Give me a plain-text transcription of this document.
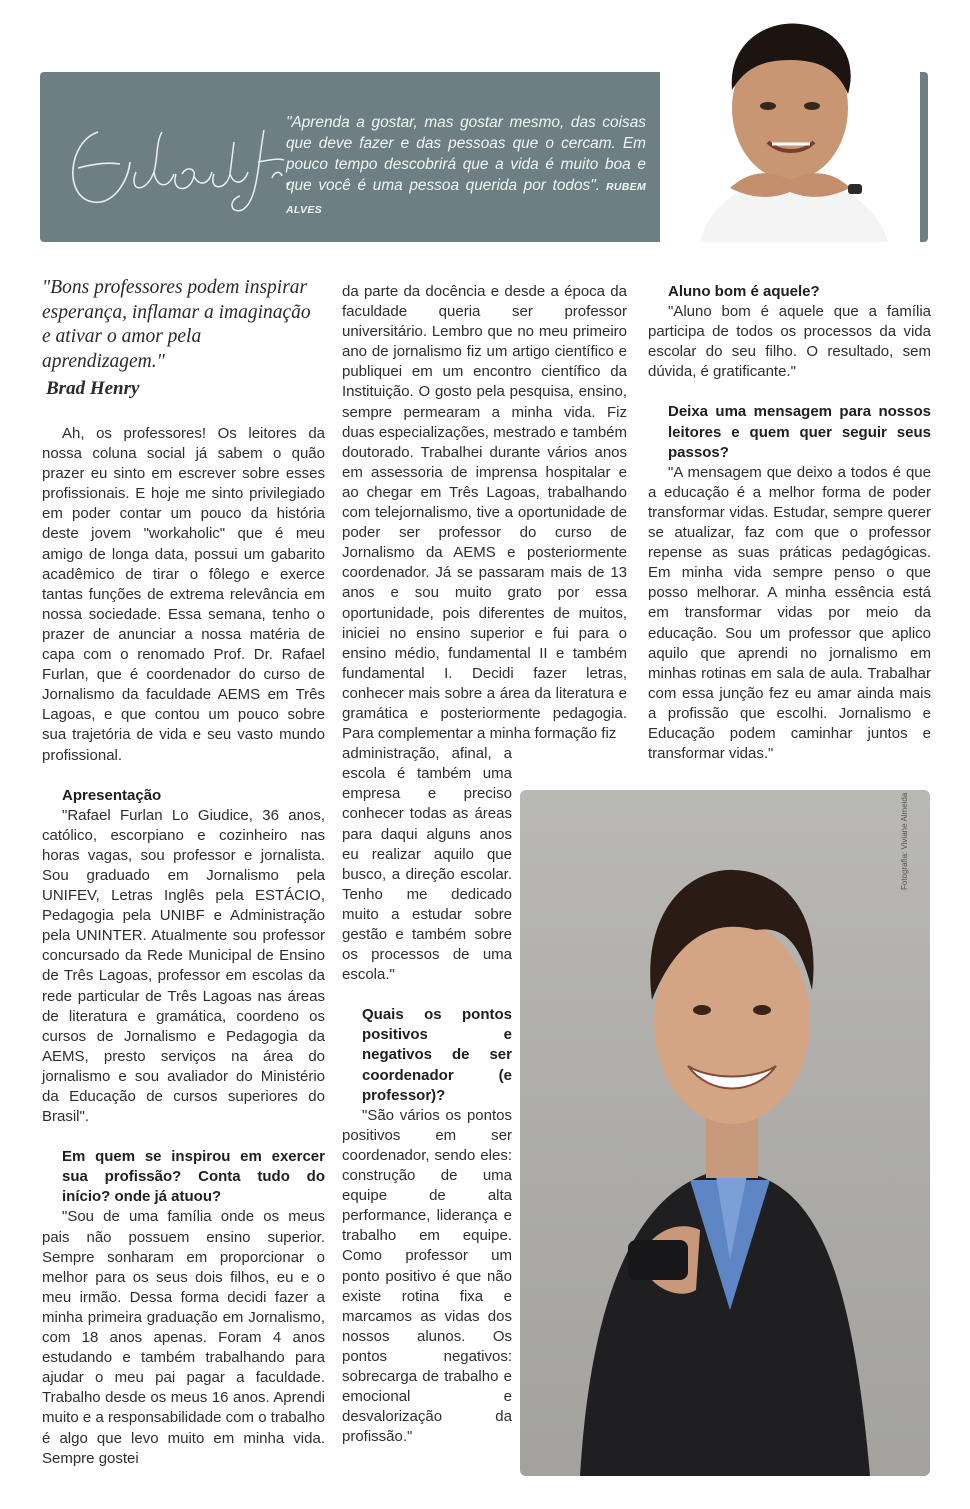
"Aprenda a gostar, mas gostar mesmo, das coisas que deve fazer e das pessoas que o cercam. Em pouco tempo descobrirá que a vida é muito boa e que você é uma pessoa querida por todos". RUBEM ALVES
"Bons professores podem inspirar esperança, inflamar a imaginação e ativar o amor pela aprendizagem."
Brad Henry

Ah, os professores! Os leitores da nossa coluna social já sabem o quão prazer eu sinto em escrever sobre esses profissionais. E hoje me sinto privilegiado em poder contar um pouco da história deste jovem "workaholic" que é meu amigo de longa data, possui um gabarito acadêmico de tirar o fôlego e exerce tantas funções de extrema relevância em nossa sociedade. Essa semana, tenho o prazer de anunciar a nossa matéria de capa com o renomado Prof. Dr. Rafael Furlan, que é coordenador do curso de Jornalismo da faculdade AEMS em Três Lagoas, e que contou um pouco sobre sua trajetória de vida e seu vasto mundo profissional.

Apresentação

"Rafael Furlan Lo Giudice, 36 anos, católico, escorpiano e cozinheiro nas horas vagas, sou professor e jornalista. Sou graduado em Jornalismo pela UNIFEV, Letras Inglês pela ESTÁCIO, Pedagogia pela UNIBF e Administração pela UNINTER. Atualmente sou professor concursado da Rede Municipal de Ensino de Três Lagoas, professor em escolas da rede particular de Três Lagoas nas áreas de literatura e gramática, coordeno os cursos de Jornalismo e Pedagogia da AEMS, presto serviços na área do jornalismo e sou avaliador do Ministério da Educação de cursos superiores do Brasil".

Em quem se inspirou em exercer sua profissão? Conta tudo do início? onde já atuou?

"Sou de uma família onde os meus pais não possuem ensino superior. Sempre sonharam em proporcionar o melhor para os seus dois filhos, eu e o meu irmão. Dessa forma decidi fazer a minha primeira graduação em Jornalismo, com 18 anos apenas. Foram 4 anos estudando e também trabalhando para ajudar o meu pai pagar a faculdade. Trabalho desde os meus 16 anos. Aprendi muito e a responsabilidade com o trabalho é algo que levo muito em minha vida. Sempre gostei

da parte da docência e desde a época da faculdade queria ser professor universitário. Lembro que no meu primeiro ano de jornalismo fiz um artigo científico e publiquei em um encontro científico da Instituição. O gosto pela pesquisa, ensino, sempre permearam a minha vida. Fiz duas especializações, mestrado e também doutorado. Trabalhei durante vários anos em assessoria de imprensa hospitalar e ao chegar em Três Lagoas, trabalhando com telejornalismo, tive a oportunidade de poder ser professor do curso de Jornalismo da AEMS e posteriormente coordenador. Já se passaram mais de 13 anos e sou muito grato por essa oportunidade, pois diferentes de muitos, iniciei no ensino superior e fui para o ensino médio, fundamental II e também fundamental I. Decidi fazer letras, conhecer mais sobre a área da literatura e gramática e posteriormente pedagogia. Para complementar a minha formação fiz

administração, afinal, a escola é também uma empresa e preciso conhecer todas as áreas para daqui alguns anos eu realizar aquilo que busco, a direção escolar. Tenho me dedicado muito a estudar sobre gestão e também sobre os processos de uma escola."

Quais os pontos positivos e negativos de ser coordenador (e professor)?

"São vários os pontos positivos em ser coordenador, sendo eles: construção de uma equipe de alta performance, liderança e trabalho em equipe. Como professor um ponto positivo é que não existe rotina fixa e marcamos as vidas dos nossos alunos. Os pontos negativos: sobrecarga de trabalho e emocional e desvalorização da profissão."

Aluno bom é aquele?

"Aluno bom é aquele que a família participa de todos os processos da vida escolar do seu filho. O resultado, sem dúvida, é gratificante."

Deixa uma mensagem para nossos leitores e quem quer seguir seus passos?

"A mensagem que deixo a todos é que a educação é a melhor forma de poder transformar vidas. Estudar, sempre querer se atualizar, faz com que o professor repense as suas práticas pedagógicas. Em minha vida sempre penso o que posso melhorar. A minha essência está em transformar vidas por meio da educação. Sou um professor que aplico aquilo que aprendi no jornalismo em minhas rotinas em sala de aula. Trabalhar com essa junção fez eu amar ainda mais a profissão que escolhi. Jornalismo e Educação podem caminhar juntos e transformar vidas."

Fotografia: Viviane Almeida
